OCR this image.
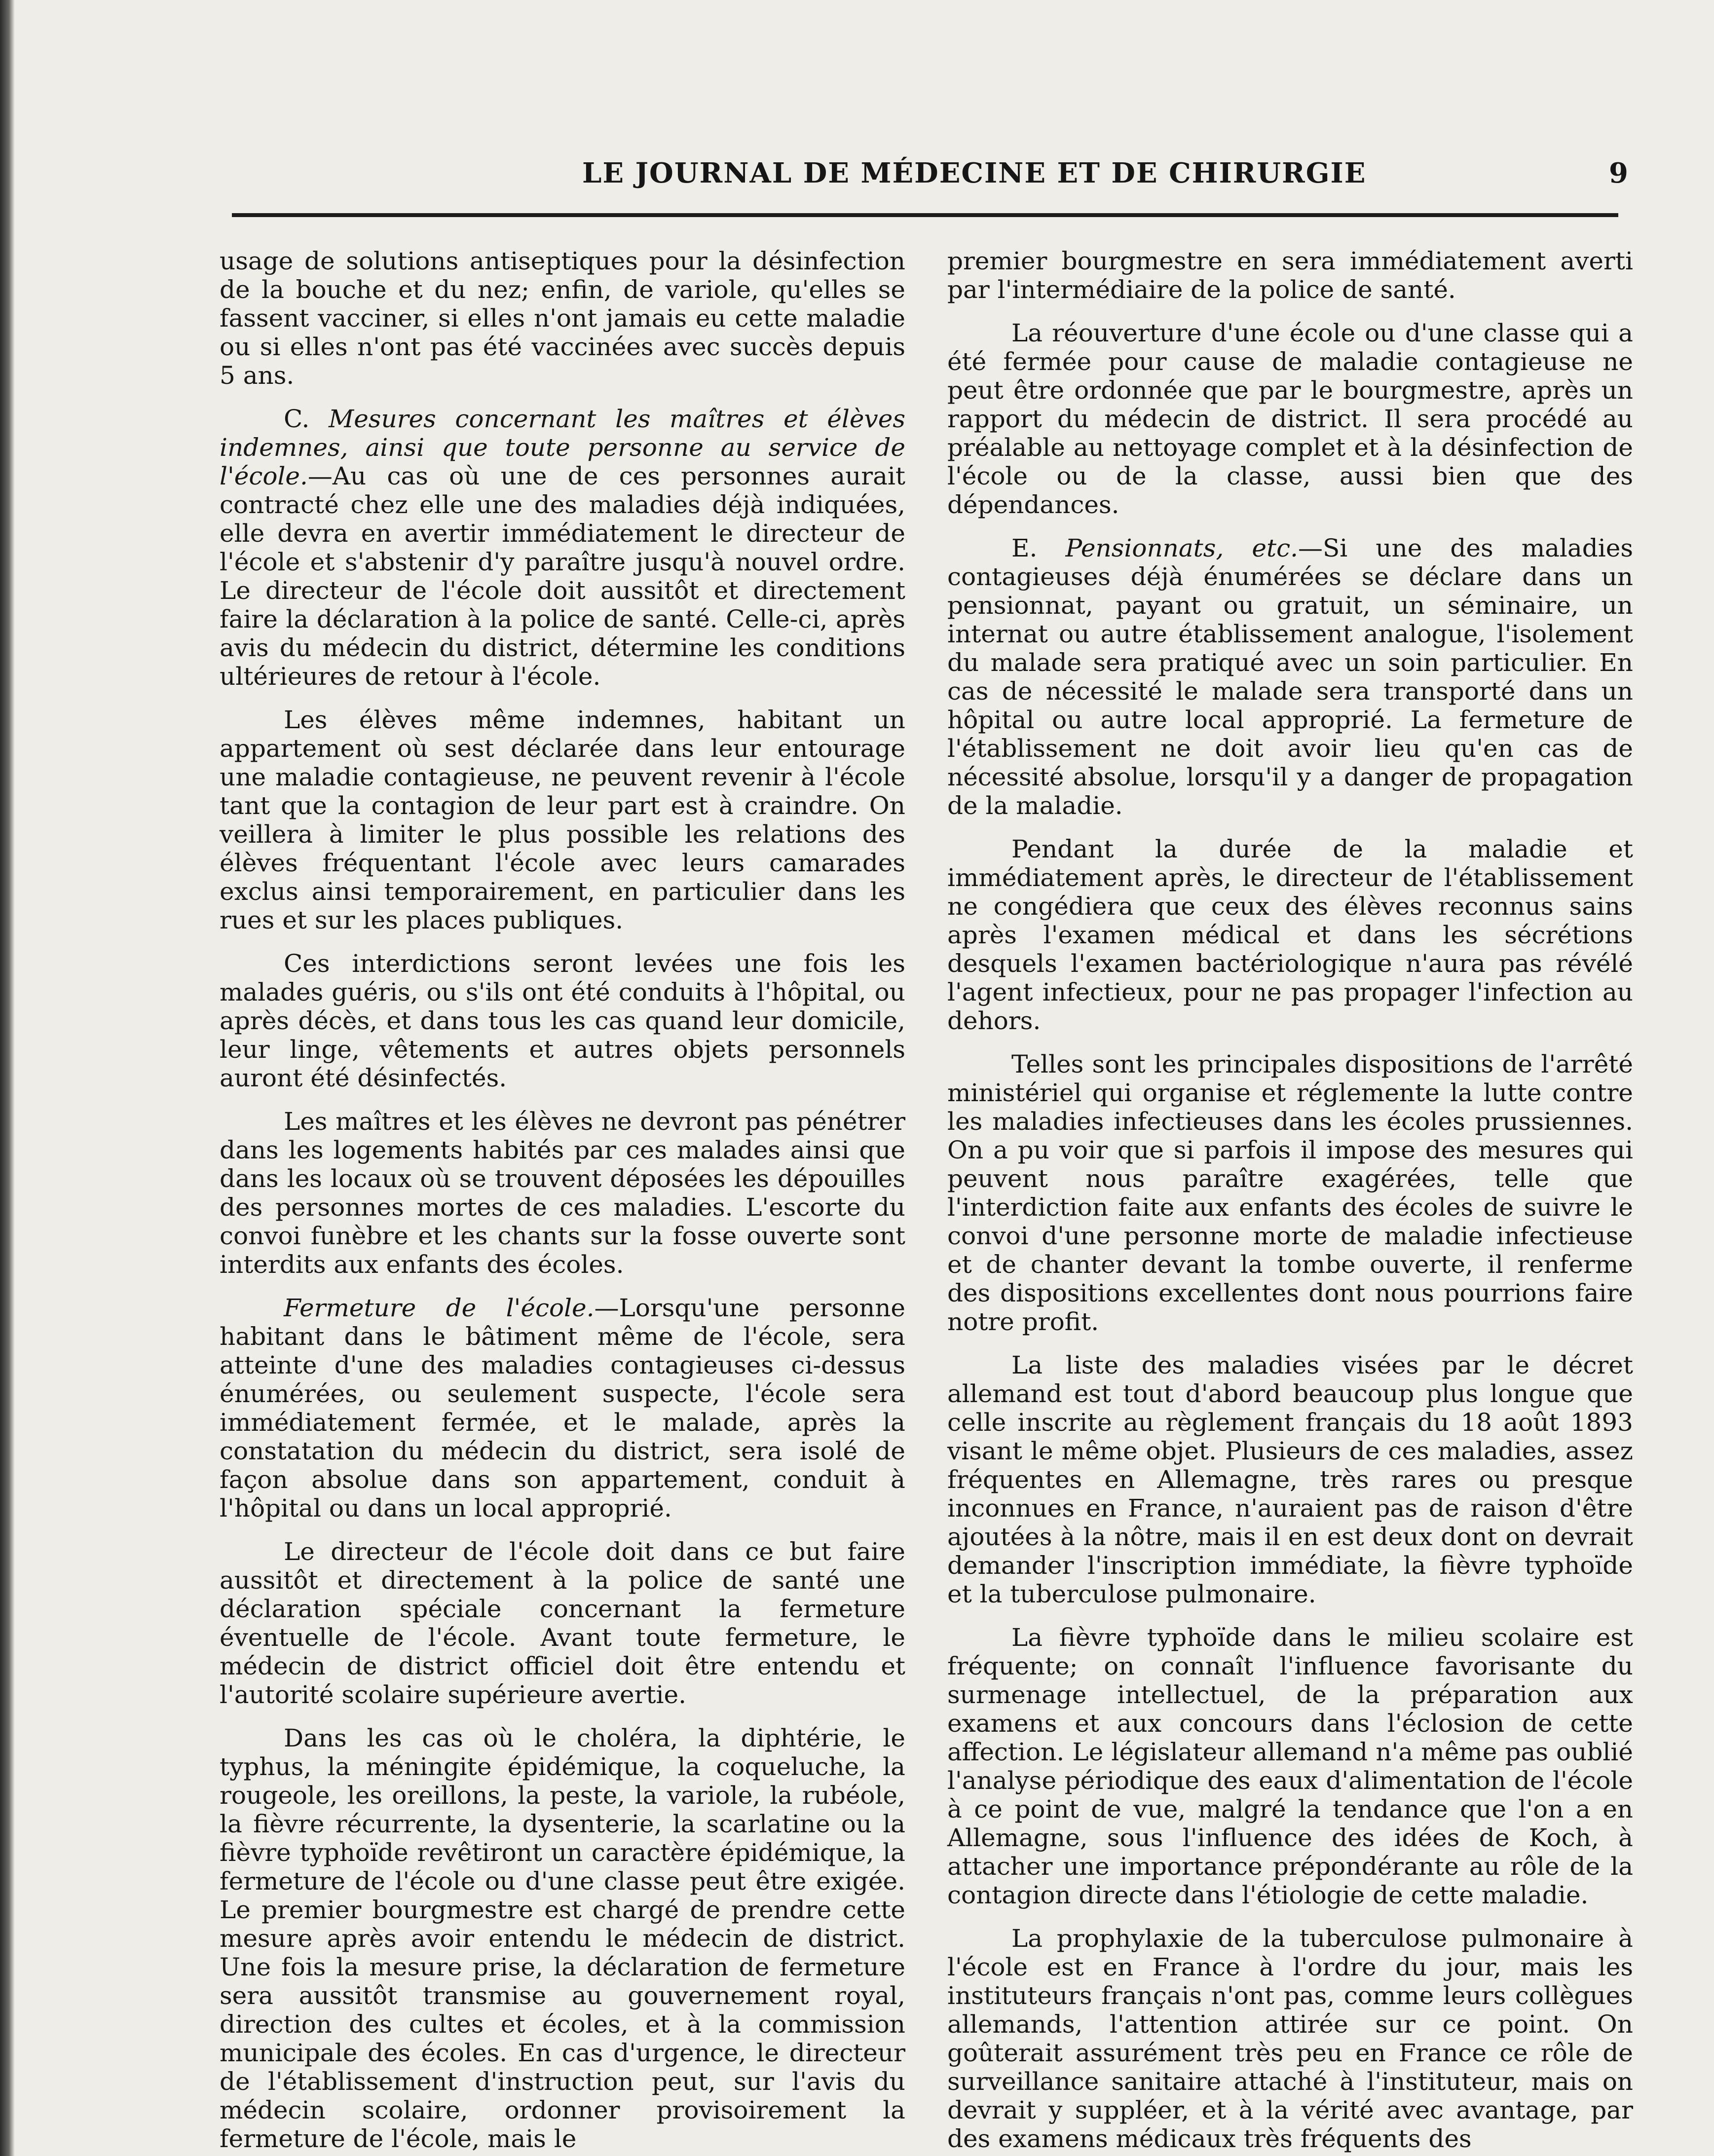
LE JOURNAL DE MÉDECINE ET DE CHIRURGIE	9

usage de solutions antiseptiques pour la désinfection de la bouche et du nez; enfin, de variole, qu'elles se fassent vacciner, si elles n'ont jamais eu cette maladie ou si elles n'ont pas été vaccinées avec succès depuis 5 ans.

C. Mesures concernant les maîtres et élèves indemnes, ainsi que toute personne au service de l'école.—Au cas où une de ces personnes aurait contracté chez elle une des maladies déjà indiquées, elle devra en avertir immédiatement le directeur de l'école et s'abstenir d'y paraître jusqu'à nouvel ordre. Le directeur de l'école doit aussitôt et directement faire la déclaration à la police de santé. Celle-ci, après avis du médecin du district, détermine les conditions ultérieures de retour à l'école.

Les élèves même indemnes, habitant un appartement où sest déclarée dans leur entourage une maladie contagieuse, ne peuvent revenir à l'école tant que la contagion de leur part est à craindre. On veillera à limiter le plus possible les relations des élèves fréquentant l'école avec leurs camarades exclus ainsi temporairement, en particulier dans les rues et sur les places publiques.

Ces interdictions seront levées une fois les malades guéris, ou s'ils ont été conduits à l'hôpital, ou après décès, et dans tous les cas quand leur domicile, leur linge, vêtements et autres objets personnels auront été désinfectés.

Les maîtres et les élèves ne devront pas pénétrer dans les logements habités par ces malades ainsi que dans les locaux où se trouvent déposées les dépouilles des personnes mortes de ces maladies. L'escorte du convoi funèbre et les chants sur la fosse ouverte sont interdits aux enfants des écoles.

Fermeture de l'école.—Lorsqu'une personne habitant dans le bâtiment même de l'école, sera atteinte d'une des maladies contagieuses ci-dessus énumérées, ou seulement suspecte, l'école sera immédiatement fermée, et le malade, après la constatation du médecin du district, sera isolé de façon absolue dans son appartement, conduit à l'hôpital ou dans un local approprié.

Le directeur de l'école doit dans ce but faire aussitôt et directement à la police de santé une déclaration spéciale concernant la fermeture éventuelle de l'école. Avant toute fermeture, le médecin de district officiel doit être entendu et l'autorité scolaire supérieure avertie.

Dans les cas où le choléra, la diphtérie, le typhus, la méningite épidémique, la coqueluche, la rougeole, les oreillons, la peste, la variole, la rubéole, la fièvre récurrente, la dysenterie, la scarlatine ou la fièvre typhoïde revêtiront un caractère épidémique, la fermeture de l'école ou d'une classe peut être exigée. Le premier bourgmestre est chargé de prendre cette mesure après avoir entendu le médecin de district. Une fois la mesure prise, la déclaration de fermeture sera aussitôt transmise au gouvernement royal, direction des cultes et écoles, et à la commission municipale des écoles. En cas d'urgence, le directeur de l'établissement d'instruction peut, sur l'avis du médecin scolaire, ordonner provisoirement la fermeture de l'école, mais le

premier bourgmestre en sera immédiatement averti par l'intermédiaire de la police de santé.

La réouverture d'une école ou d'une classe qui a été fermée pour cause de maladie contagieuse ne peut être ordonnée que par le bourgmestre, après un rapport du médecin de district. Il sera procédé au préalable au nettoyage complet et à la désinfection de l'école ou de la classe, aussi bien que des dépendances.

E. Pensionnats, etc.—Si une des maladies contagieuses déjà énumérées se déclare dans un pensionnat, payant ou gratuit, un séminaire, un internat ou autre établissement analogue, l'isolement du malade sera pratiqué avec un soin particulier. En cas de nécessité le malade sera transporté dans un hôpital ou autre local approprié. La fermeture de l'établissement ne doit avoir lieu qu'en cas de nécessité absolue, lorsqu'il y a danger de propagation de la maladie.

Pendant la durée de la maladie et immédiatement après, le directeur de l'établissement ne congédiera que ceux des élèves reconnus sains après l'examen médical et dans les sécrétions desquels l'examen bactériologique n'aura pas révélé l'agent infectieux, pour ne pas propager l'infection au dehors.

Telles sont les principales dispositions de l'arrêté ministériel qui organise et réglemente la lutte contre les maladies infectieuses dans les écoles prussiennes. On a pu voir que si parfois il impose des mesures qui peuvent nous paraître exagérées, telle que l'interdiction faite aux enfants des écoles de suivre le convoi d'une personne morte de maladie infectieuse et de chanter devant la tombe ouverte, il renferme des dispositions excellentes dont nous pourrions faire notre profit.

La liste des maladies visées par le décret allemand est tout d'abord beaucoup plus longue que celle inscrite au règlement français du 18 août 1893 visant le même objet. Plusieurs de ces maladies, assez fréquentes en Allemagne, très rares ou presque inconnues en France, n'auraient pas de raison d'être ajoutées à la nôtre, mais il en est deux dont on devrait demander l'inscription immédiate, la fièvre typhoïde et la tuberculose pulmonaire.

La fièvre typhoïde dans le milieu scolaire est fréquente; on connaît l'influence favorisante du surmenage intellectuel, de la préparation aux examens et aux concours dans l'éclosion de cette affection. Le législateur allemand n'a même pas oublié l'analyse périodique des eaux d'alimentation de l'école à ce point de vue, malgré la tendance que l'on a en Allemagne, sous l'influence des idées de Koch, à attacher une importance prépondérante au rôle de la contagion directe dans l'étiologie de cette maladie.

La prophylaxie de la tuberculose pulmonaire à l'école est en France à l'ordre du jour, mais les instituteurs français n'ont pas, comme leurs collègues allemands, l'attention attirée sur ce point. On goûterait assurément très peu en France ce rôle de surveillance sanitaire attaché à l'instituteur, mais on devrait y suppléer, et à la vérité avec avantage, par des examens médicaux très fréquents des
